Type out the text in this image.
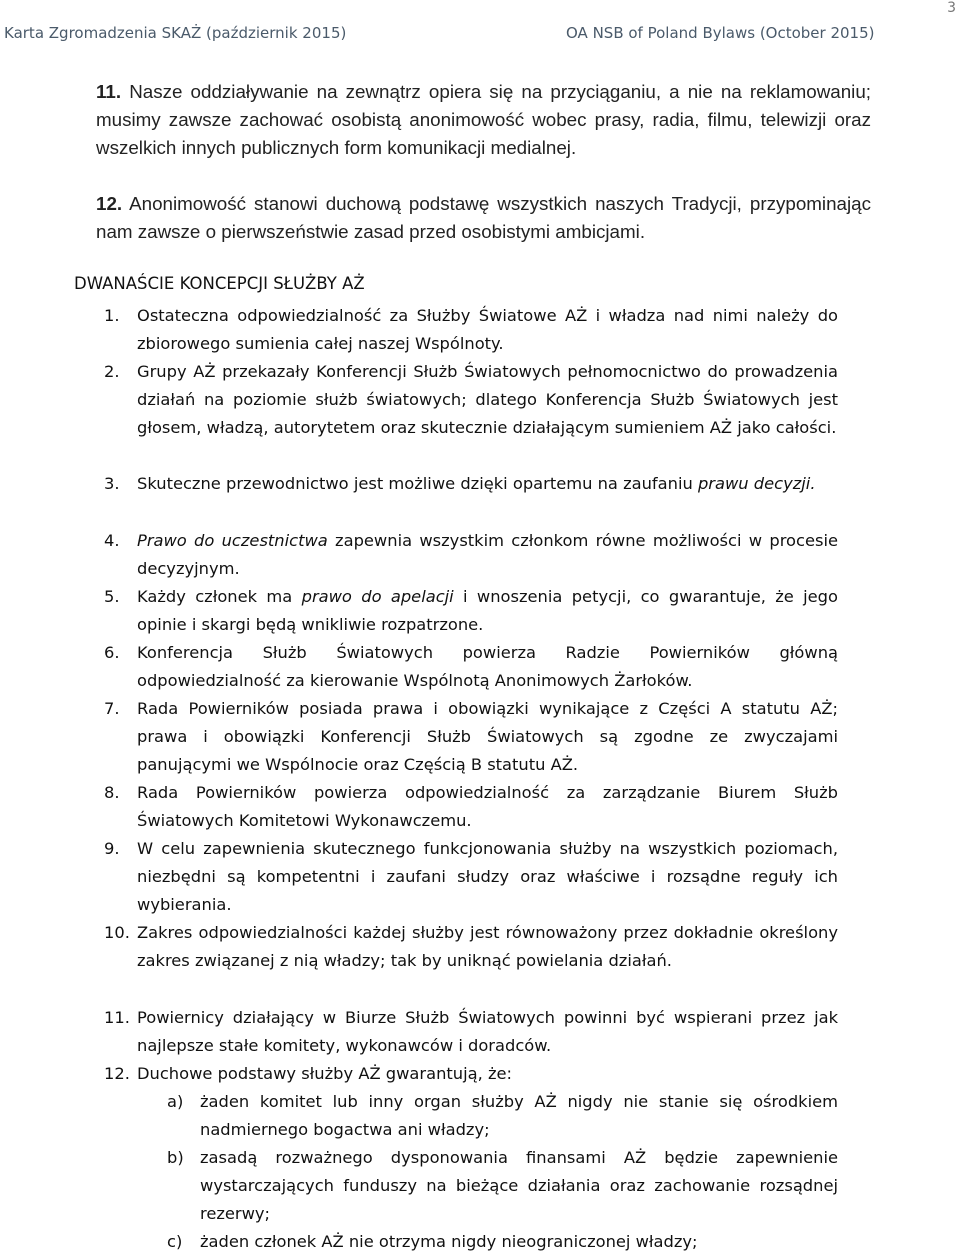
Karta Zgromadzenia SKAŻ (październik 2015)	OA NSB of Poland Bylaws (October 2015)
3

11. Nasze oddziaływanie na zewnątrz opiera się na przyciąganiu, a nie na reklamowaniu; musimy zawsze zachować osobistą anonimowość wobec prasy, radia, filmu, telewizji oraz wszelkich innych publicznych form komunikacji medialnej.

12. Anonimowość stanowi duchową podstawę wszystkich naszych Tradycji, przypominając nam zawsze o pierwszeństwie zasad przed osobistymi ambicjami.

DWANAŚCIE KONCEPCJI SŁUŻBY AŻ
1. Ostateczna odpowiedzialność za Służby Światowe AŻ i władza nad nimi należy do zbiorowego sumienia całej naszej Wspólnoty.
2. Grupy AŻ przekazały Konferencji Służb Światowych pełnomocnictwo do prowadzenia działań na poziomie służb światowych; dlatego Konferencja Służb Światowych jest głosem, władzą, autorytetem oraz skutecznie działającym sumieniem AŻ jako całości.
3. Skuteczne przewodnictwo jest możliwe dzięki opartemu na zaufaniu prawu decyzji.
4. Prawo do uczestnictwa zapewnia wszystkim członkom równe możliwości w procesie decyzyjnym.
5. Każdy członek ma prawo do apelacji i wnoszenia petycji, co gwarantuje, że jego opinie i skargi będą wnikliwie rozpatrzone.
6. Konferencja Służb Światowych powierza Radzie Powierników główną odpowiedzialność za kierowanie Wspólnotą Anonimowych Żarłoków.
7. Rada Powierników posiada prawa i obowiązki wynikające z Części A statutu AŻ; prawa i obowiązki Konferencji Służb Światowych są zgodne ze zwyczajami panującymi we Wspólnocie oraz Częścią B statutu AŻ.
8. Rada Powierników powierza odpowiedzialność za zarządzanie Biurem Służb Światowych Komitetowi Wykonawczemu.
9. W celu zapewnienia skutecznego funkcjonowania służby na wszystkich poziomach, niezbędni są kompetentni i zaufani słudzy oraz właściwe i rozsądne reguły ich wybierania.
10. Zakres odpowiedzialności każdej służby jest równoważony przez dokładnie określony zakres związanej z nią władzy; tak by uniknąć powielania działań.
11. Powiernicy działający w Biurze Służb Światowych powinni być wspierani przez jak najlepsze stałe komitety, wykonawców i doradców.
12. Duchowe podstawy służby AŻ gwarantują, że:
a) żaden komitet lub inny organ służby AŻ nigdy nie stanie się ośrodkiem nadmiernego bogactwa ani władzy;
b) zasadą rozważnego dysponowania finansami AŻ będzie zapewnienie wystarczających funduszy na bieżące działania oraz zachowanie rozsądnej rezerwy;
c) żaden członek AŻ nie otrzyma nigdy nieograniczonej władzy;
